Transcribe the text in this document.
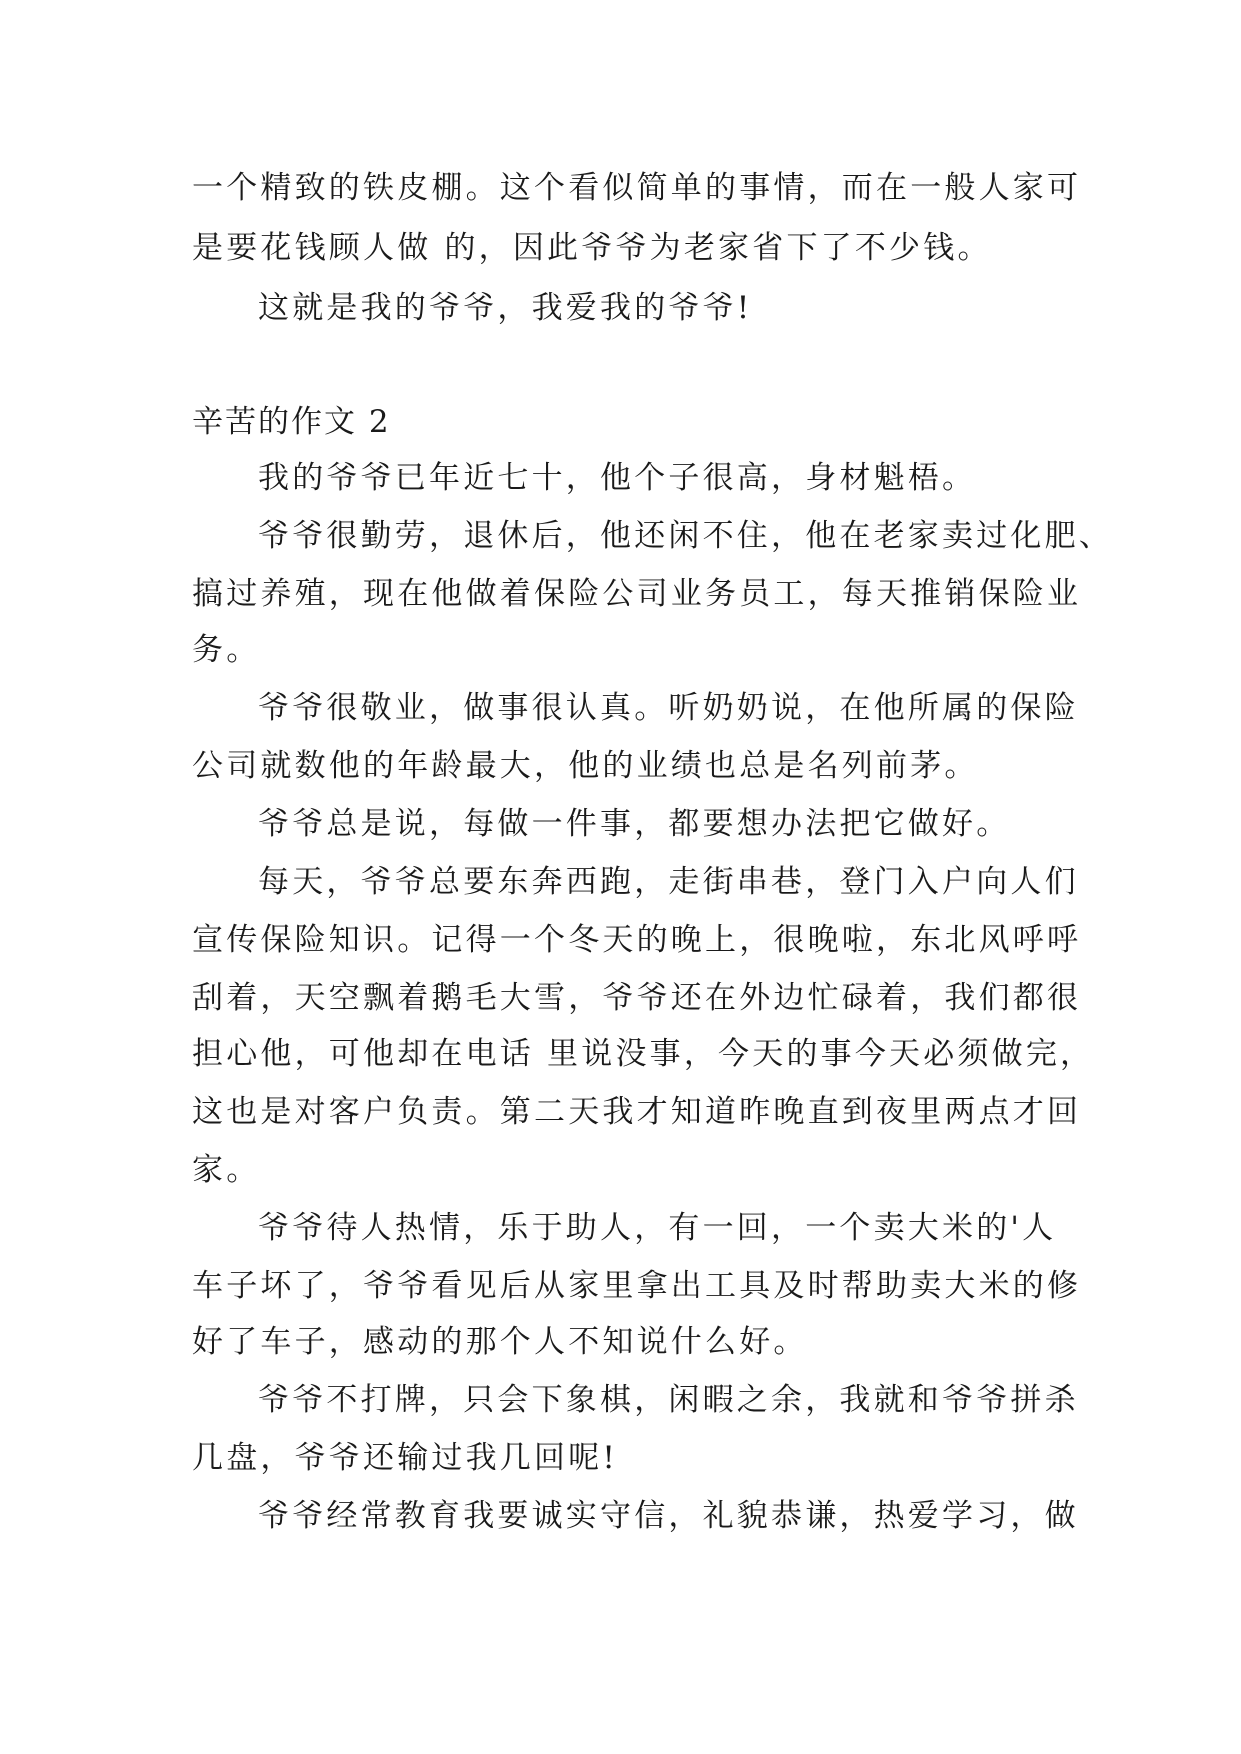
一个精致的铁皮棚。这个看似简单的事情，而在一般人家可
是要花钱顾人做 的，因此爷爷为老家省下了不少钱。
这就是我的爷爷，我爱我的爷爷!
辛苦的作文 2
我的爷爷已年近七十，他个子很高，身材魁梧。
爷爷很勤劳，退休后，他还闲不住，他在老家卖过化肥、
搞过养殖，现在他做着保险公司业务员工，每天推销保险业
务。
爷爷很敬业，做事很认真。听奶奶说，在他所属的保险
公司就数他的年龄最大，他的业绩也总是名列前茅。
爷爷总是说，每做一件事，都要想办法把它做好。
每天，爷爷总要东奔西跑，走街串巷，登门入户向人们
宣传保险知识。记得一个冬天的晚上，很晚啦，东北风呼呼
刮着，天空飘着鹅毛大雪，爷爷还在外边忙碌着，我们都很
担心他，可他却在电话 里说没事，今天的事今天必须做完，
这也是对客户负责。第二天我才知道昨晚直到夜里两点才回
家。
爷爷待人热情，乐于助人，有一回，一个卖大米的'人
车子坏了，爷爷看见后从家里拿出工具及时帮助卖大米的修
好了车子，感动的那个人不知说什么好。
爷爷不打牌，只会下象棋，闲暇之余，我就和爷爷拼杀
几盘，爷爷还输过我几回呢!
爷爷经常教育我要诚实守信，礼貌恭谦，热爱学习，做
